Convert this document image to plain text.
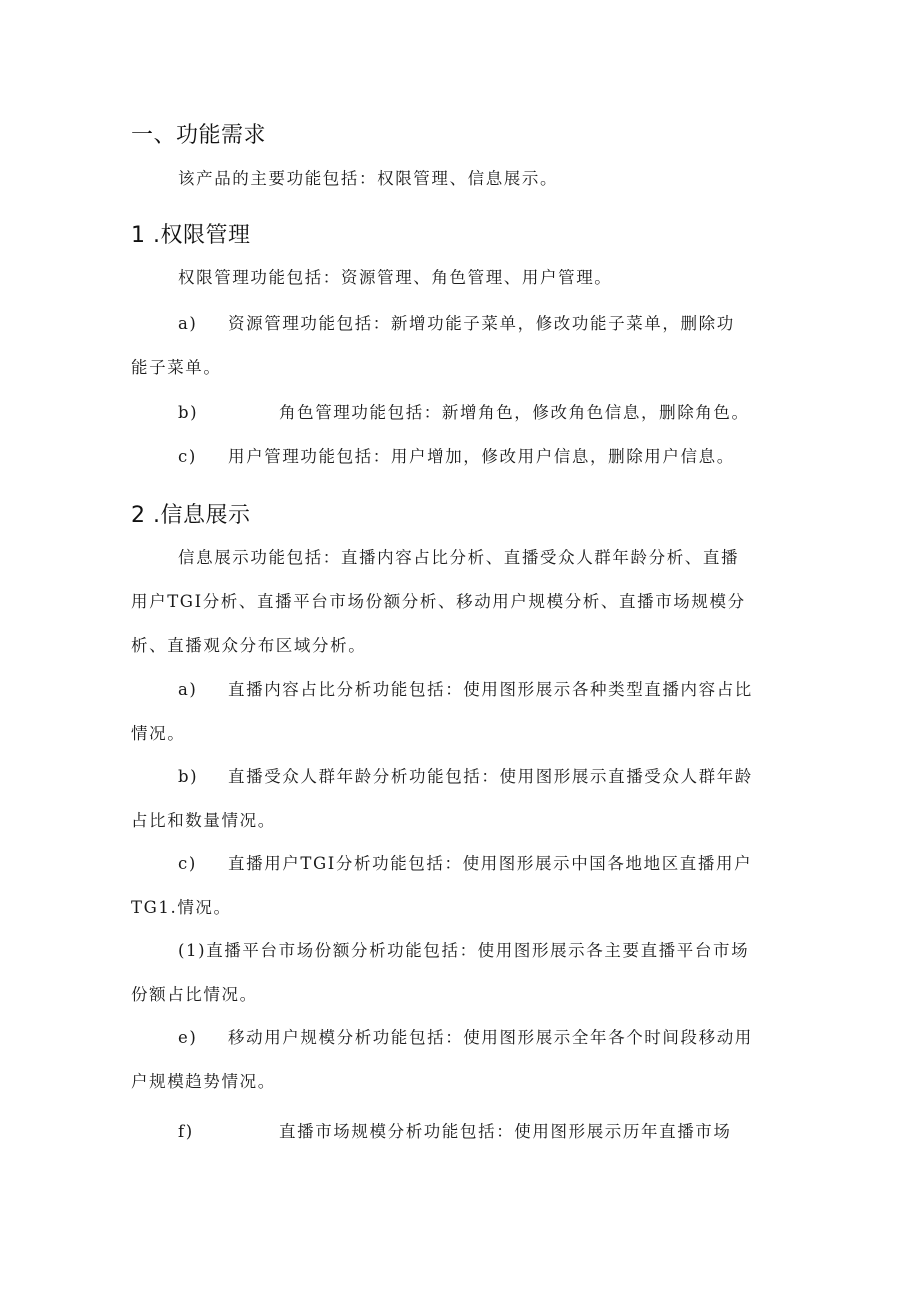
一、功能需求

该产品的主要功能包括：权限管理、信息展示。

1 .权限管理

权限管理功能包括：资源管理、角色管理、用户管理。

a) 资源管理功能包括：新增功能子菜单，修改功能子菜单，删除功

能子菜单。

b)	角色管理功能包括：新增角色，修改角色信息，删除角色。

c) 用户管理功能包括：用户增加，修改用户信息，删除用户信息。

2 .信息展示

信息展示功能包括：直播内容占比分析、直播受众人群年龄分析、直播

用户TGI分析、直播平台市场份额分析、移动用户规模分析、直播市场规模分

析、直播观众分布区域分析。

a) 直播内容占比分析功能包括：使用图形展示各种类型直播内容占比

情况。

b) 直播受众人群年龄分析功能包括：使用图形展示直播受众人群年龄

占比和数量情况。

c) 直播用户TGI分析功能包括：使用图形展示中国各地地区直播用户

TG1.情况。

(1)直播平台市场份额分析功能包括：使用图形展示各主要直播平台市场

份额占比情况。

e) 移动用户规模分析功能包括：使用图形展示全年各个时间段移动用

户规模趋势情况。

f)	直播市场规模分析功能包括：使用图形展示历年直播市场
